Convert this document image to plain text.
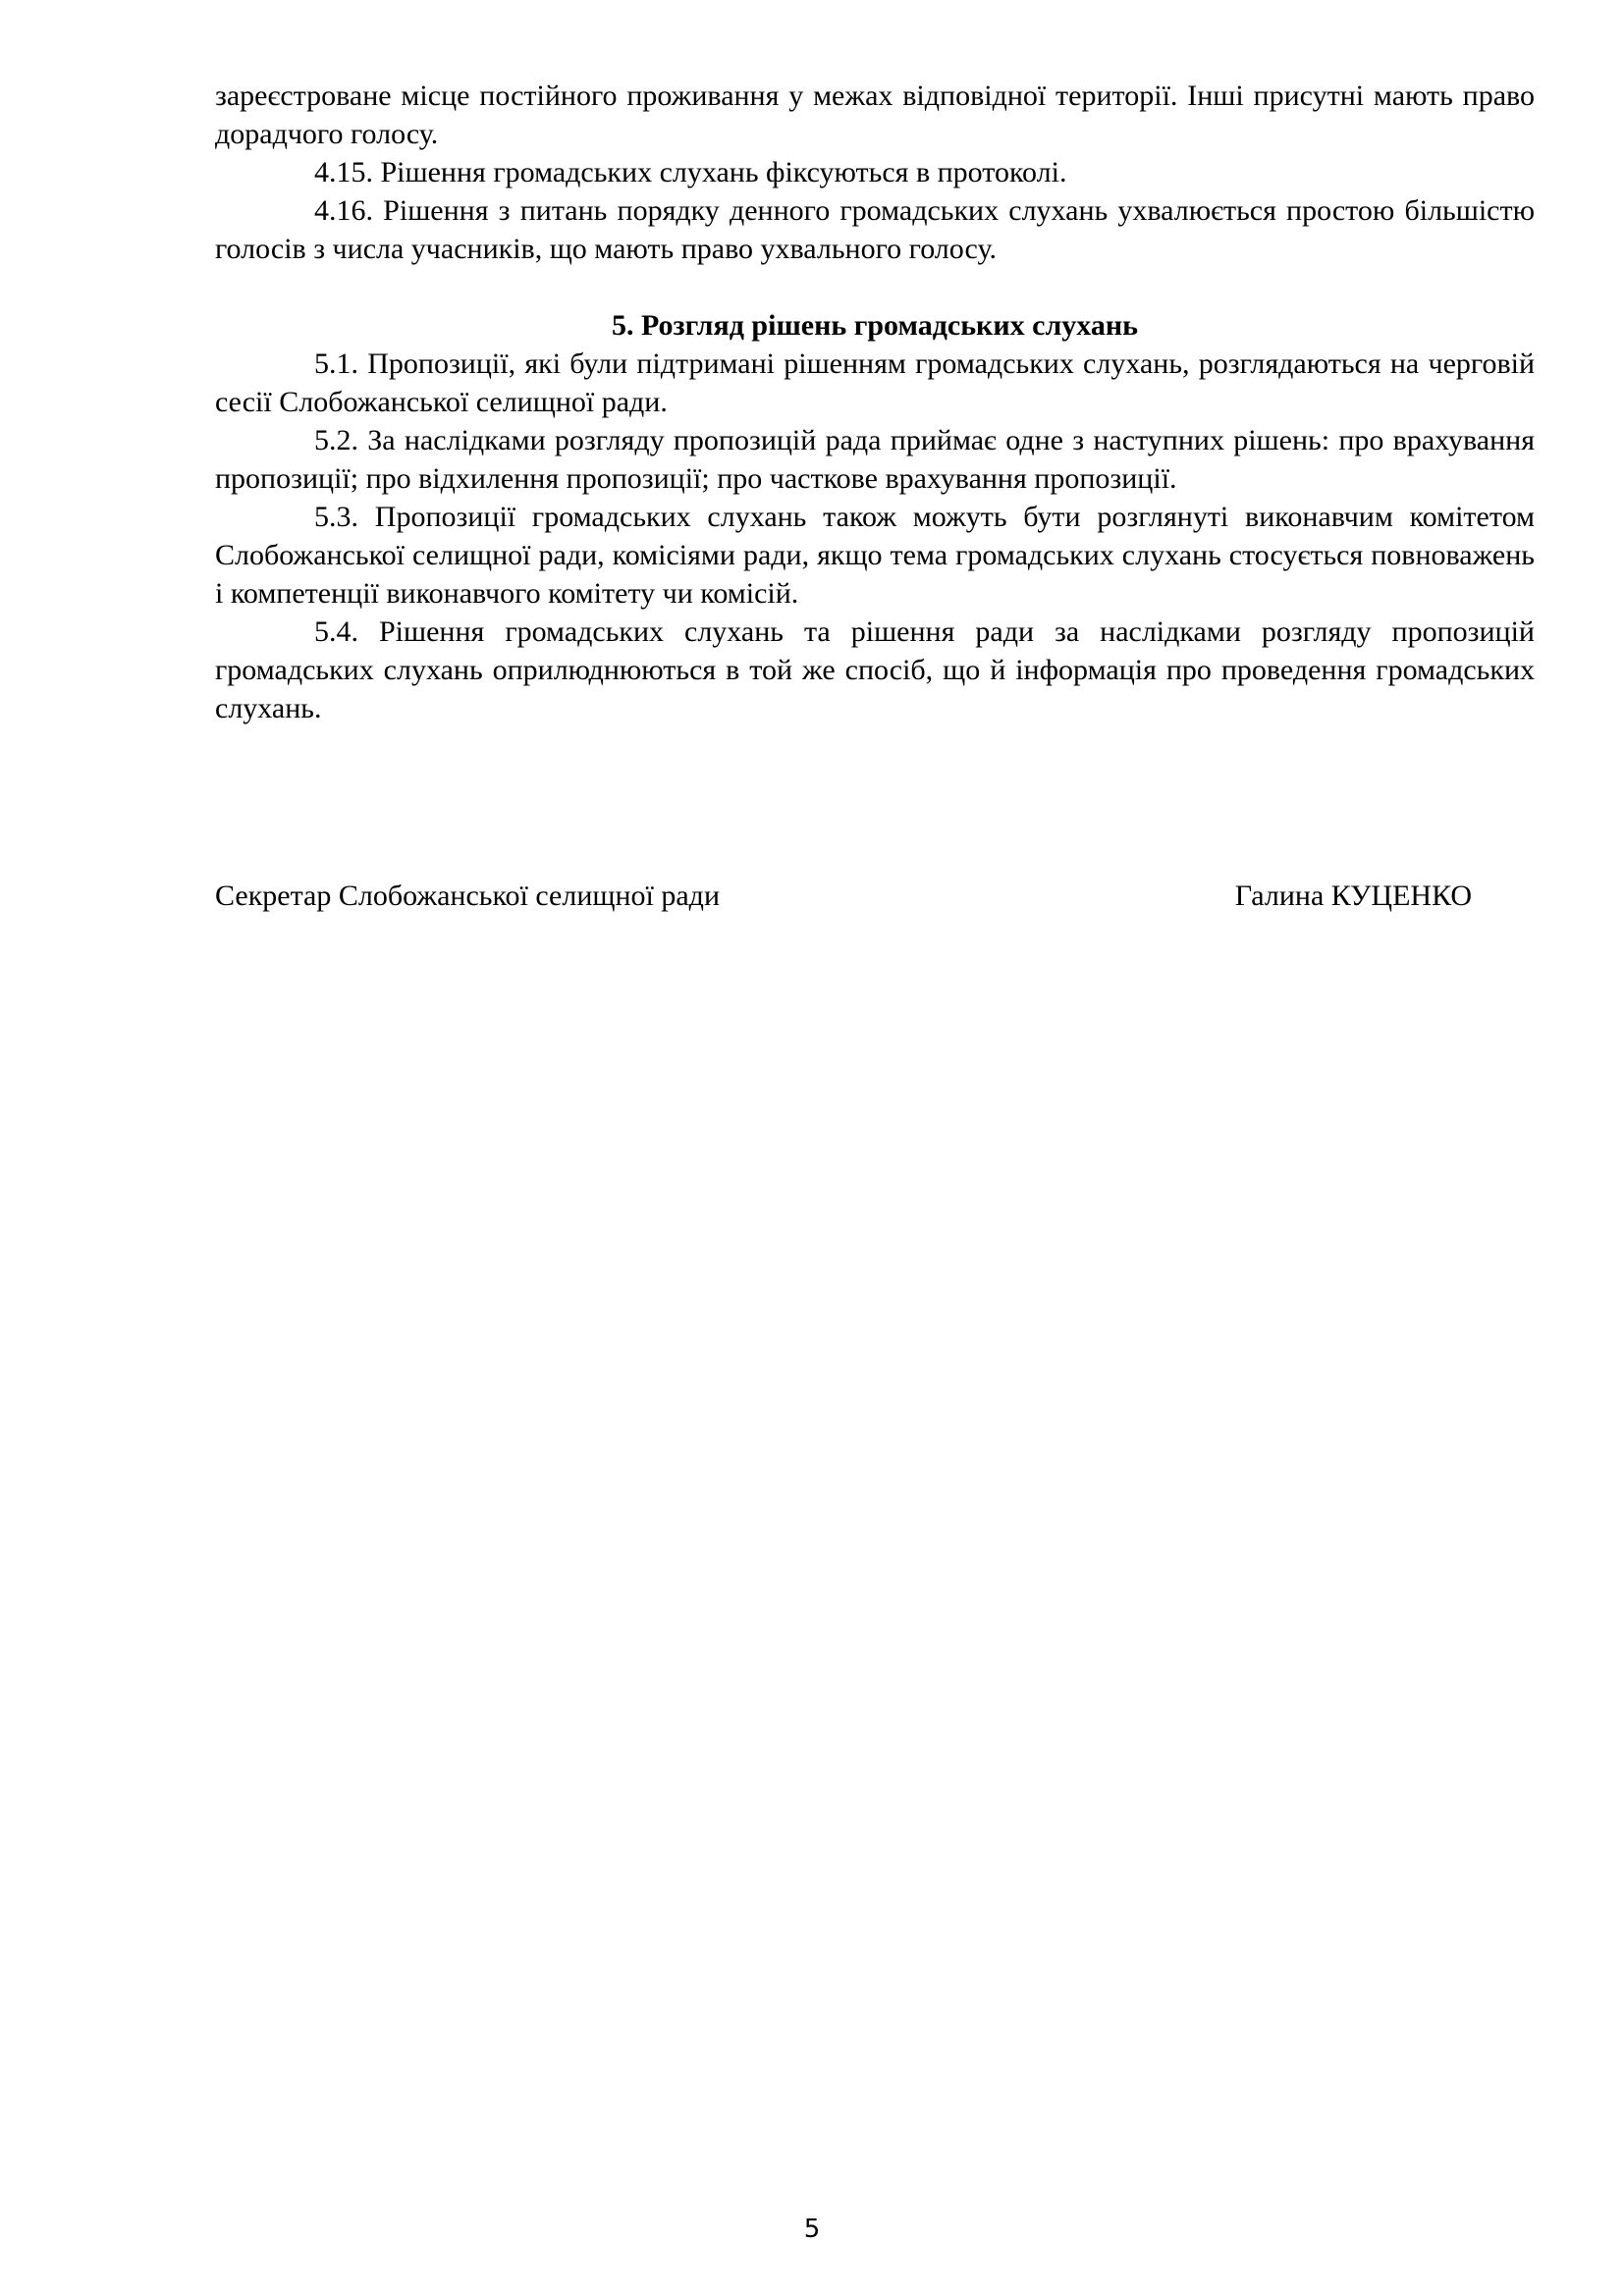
зареєстроване місце постійного проживання у межах відповідної території. Інші присутні мають право дорадчого голосу.

4.15. Рішення громадських слухань фіксуються в протоколі.

4.16. Рішення з питань порядку денного громадських слухань ухвалюється простою більшістю голосів з числа учасників, що мають право ухвального голосу.

5. Розгляд рішень громадських слухань

5.1. Пропозиції, які були підтримані рішенням громадських слухань, розглядаються на черговій сесії Слобожанської селищної ради.

5.2. За наслідками розгляду пропозицій рада приймає одне з наступних рішень: про врахування пропозиції; про відхилення пропозиції; про часткове врахування пропозиції.

5.3. Пропозиції громадських слухань також можуть бути розглянуті виконавчим комітетом Слобожанської селищної ради, комісіями ради, якщо тема громадських слухань стосується повноважень і компетенції виконавчого комітету чи комісій.

5.4. Рішення громадських слухань та рішення ради за наслідками розгляду пропозицій громадських слухань оприлюднюються в той же спосіб, що й інформація про проведення громадських слухань.

Секретар Слобожанської селищної ради	Галина КУЦЕНКО
5
